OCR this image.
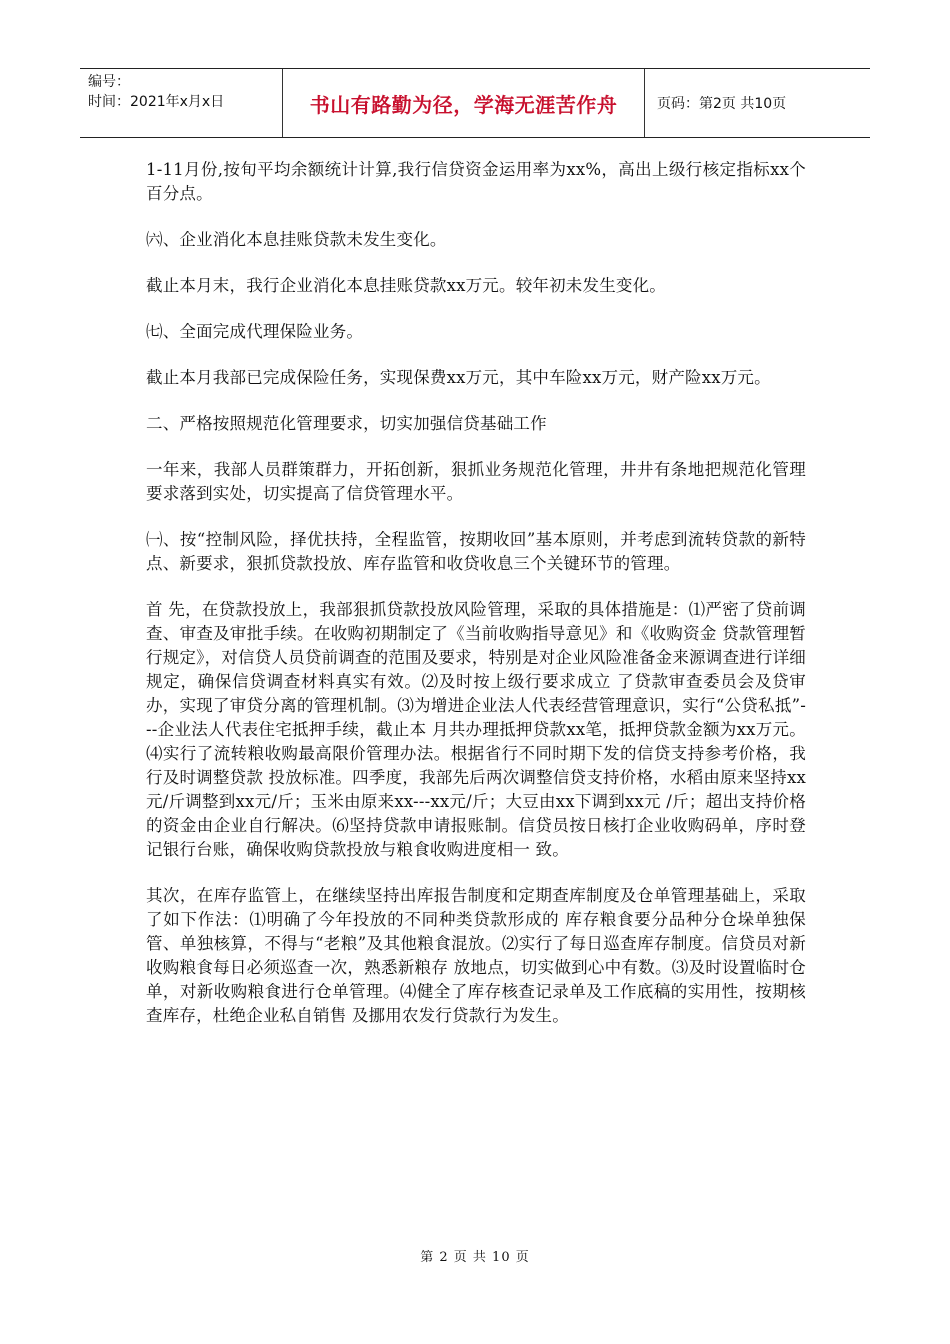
编号：
时间：2021年x月x日	书山有路勤为径，学海无涯苦作舟	页码：第2页 共10页

1-11月份,按旬平均余额统计计算,我行信贷资金运用率为xx%，高出上级行核定指标xx个百分点。

㈥、企业消化本息挂账贷款未发生变化。

截止本月末，我行企业消化本息挂账贷款xx万元。较年初未发生变化。

㈦、全面完成代理保险业务。

截止本月我部已完成保险任务，实现保费xx万元，其中车险xx万元，财产险xx万元。

二、严格按照规范化管理要求，切实加强信贷基础工作

一年来，我部人员群策群力，开拓创新，狠抓业务规范化管理，井井有条地把规范化管理要求落到实处，切实提高了信贷管理水平。

㈠、按“控制风险，择优扶持，全程监管，按期收回”基本原则，并考虑到流转贷款的新特点、新要求，狠抓贷款投放、库存监管和收贷收息三个关键环节的管理。

首 先，在贷款投放上，我部狠抓贷款投放风险管理，采取的具体措施是：⑴严密了贷前调查、审查及审批手续。在收购初期制定了《当前收购指导意见》和《收购资金 贷款管理暂行规定》，对信贷人员贷前调查的范围及要求，特别是对企业风险准备金来源调查进行详细规定，确保信贷调查材料真实有效。⑵及时按上级行要求成立 了贷款审查委员会及贷审办，实现了审贷分离的管理机制。⑶为增进企业法人代表经营管理意识，实行“公贷私抵”---企业法人代表住宅抵押手续，截止本 月共办理抵押贷款xx笔，抵押贷款金额为xx万元。⑷实行了流转粮收购最高限价管理办法。根据省行不同时期下发的信贷支持参考价格，我行及时调整贷款 投放标准。四季度，我部先后两次调整信贷支持价格，水稻由原来坚持xx元/斤调整到xx元/斤；玉米由原来xx---xx元/斤；大豆由xx下调到xx元 /斤；超出支持价格的资金由企业自行解决。⑹坚持贷款申请报账制。信贷员按日核打企业收购码单，序时登记银行台账，确保收购贷款投放与粮食收购进度相一 致。

其次，在库存监管上，在继续坚持出库报告制度和定期查库制度及仓单管理基础上，采取了如下作法：⑴明确了今年投放的不同种类贷款形成的 库存粮食要分品种分仓垛单独保管、单独核算，不得与“老粮”及其他粮食混放。⑵实行了每日巡查库存制度。信贷员对新收购粮食每日必须巡查一次，熟悉新粮存 放地点，切实做到心中有数。⑶及时设置临时仓单，对新收购粮食进行仓单管理。⑷健全了库存核查记录单及工作底稿的实用性，按期核查库存，杜绝企业私自销售 及挪用农发行贷款行为发生。

第 2 页 共 10 页
